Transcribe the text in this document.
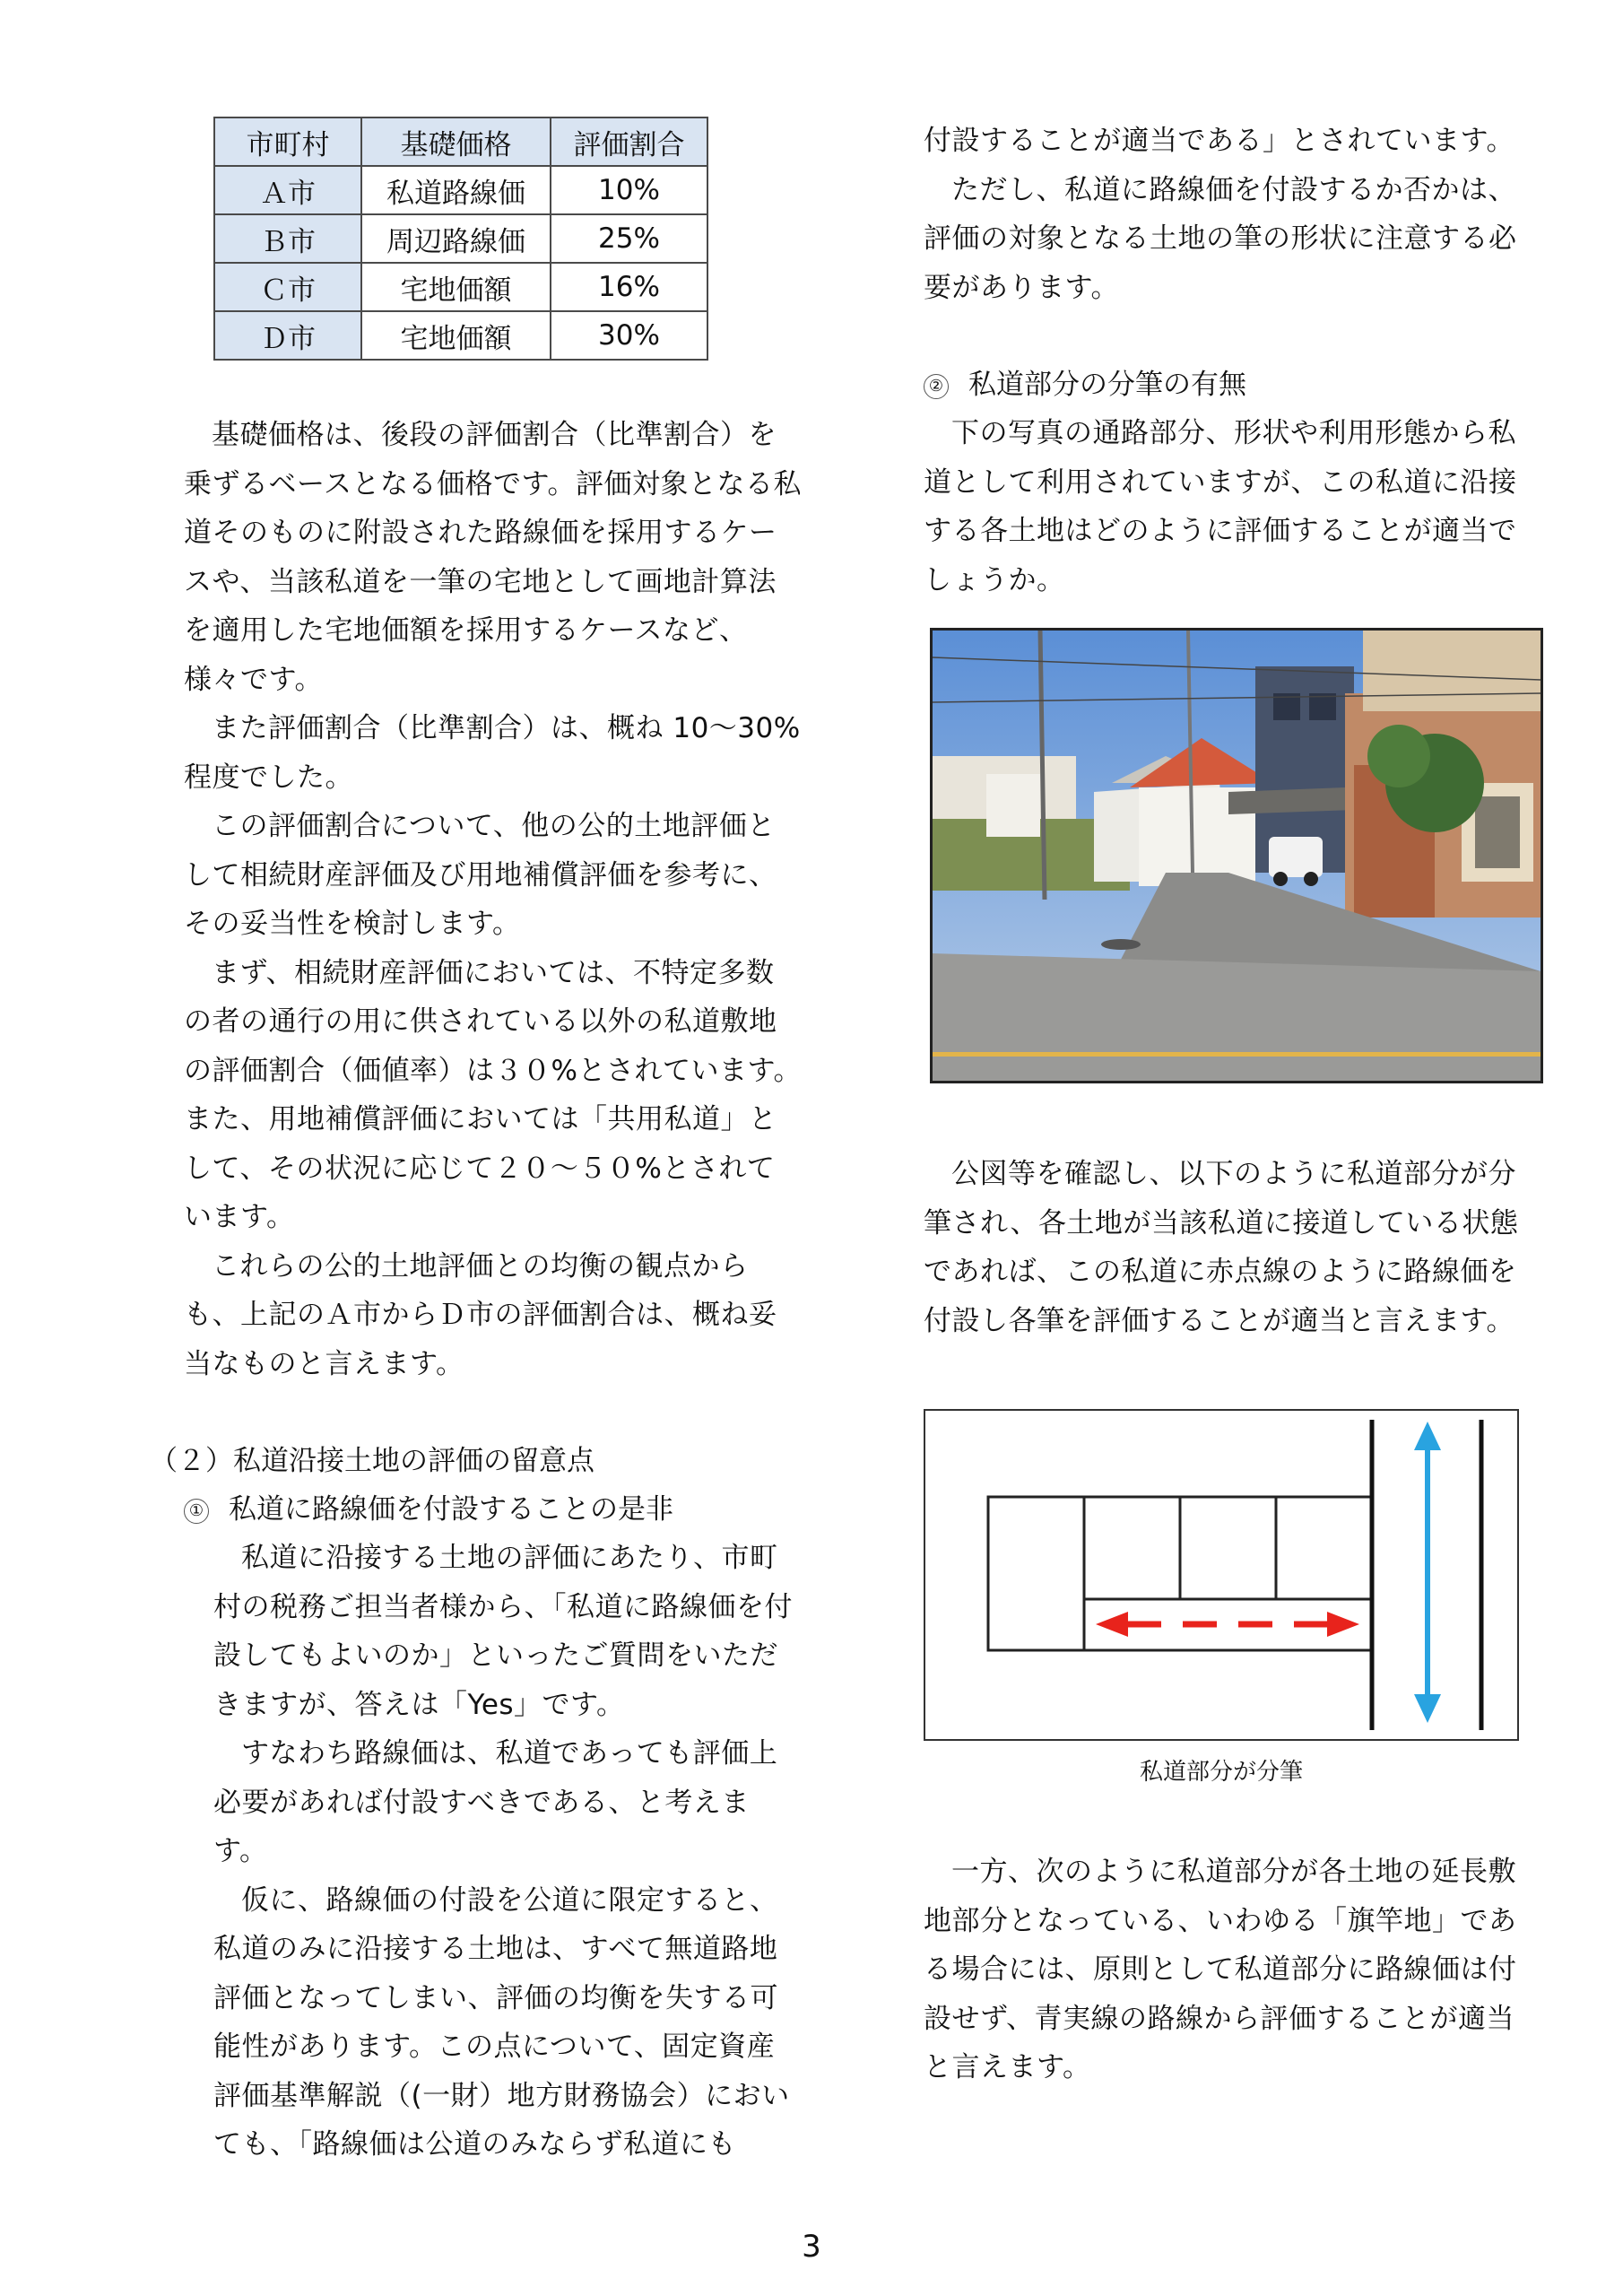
市町村	基礎価格	評価割合
Ａ市	私道路線価	10%
Ｂ市	周辺路線価	25%
Ｃ市	宅地価額	16%
Ｄ市	宅地価額	30%

基礎価格は、後段の評価割合（比準割合）を乗ずるベースとなる価格です。評価対象となる私道そのものに附設された路線価を採用するケースや、当該私道を一筆の宅地として画地計算法を適用した宅地価額を採用するケースなど、様々です。

また評価割合（比準割合）は、概ね 10～30%程度でした。

この評価割合について、他の公的土地評価として相続財産評価及び用地補償評価を参考に、その妥当性を検討します。

まず、相続財産評価においては、不特定多数の者の通行の用に供されている以外の私道敷地の評価割合（価値率）は３０%とされています。また、用地補償評価においては「共用私道」として、その状況に応じて２０～５０%とされています。

これらの公的土地評価との均衡の観点からも、上記のＡ市からＤ市の評価割合は、概ね妥当なものと言えます。

（２）私道沿接土地の評価の留意点

① 私道に路線価を付設することの是非

私道に沿接する土地の評価にあたり、市町村の税務ご担当者様から、「私道に路線価を付設してもよいのか」といったご質問をいただきますが、答えは「Yes」です。

すなわち路線価は、私道であっても評価上必要があれば付設すべきである、と考えます。

仮に、路線価の付設を公道に限定すると、私道のみに沿接する土地は、すべて無道路地評価となってしまい、評価の均衡を失する可能性があります。この点について、固定資産評価基準解説（(一財）地方財務協会）においても、「路線価は公道のみならず私道にも

付設することが適当である」とされています。

ただし、私道に路線価を付設するか否かは、評価の対象となる土地の筆の形状に注意する必要があります。

② 私道部分の分筆の有無

下の写真の通路部分、形状や利用形態から私道として利用されていますが、この私道に沿接する各土地はどのように評価することが適当でしょうか。

公図等を確認し、以下のように私道部分が分筆され、各土地が当該私道に接道している状態であれば、この私道に赤点線のように路線価を付設し各筆を評価することが適当と言えます。

私道部分が分筆

一方、次のように私道部分が各土地の延長敷地部分となっている、いわゆる「旗竿地」である場合には、原則として私道部分に路線価は付設せず、青実線の路線から評価することが適当と言えます。

3
